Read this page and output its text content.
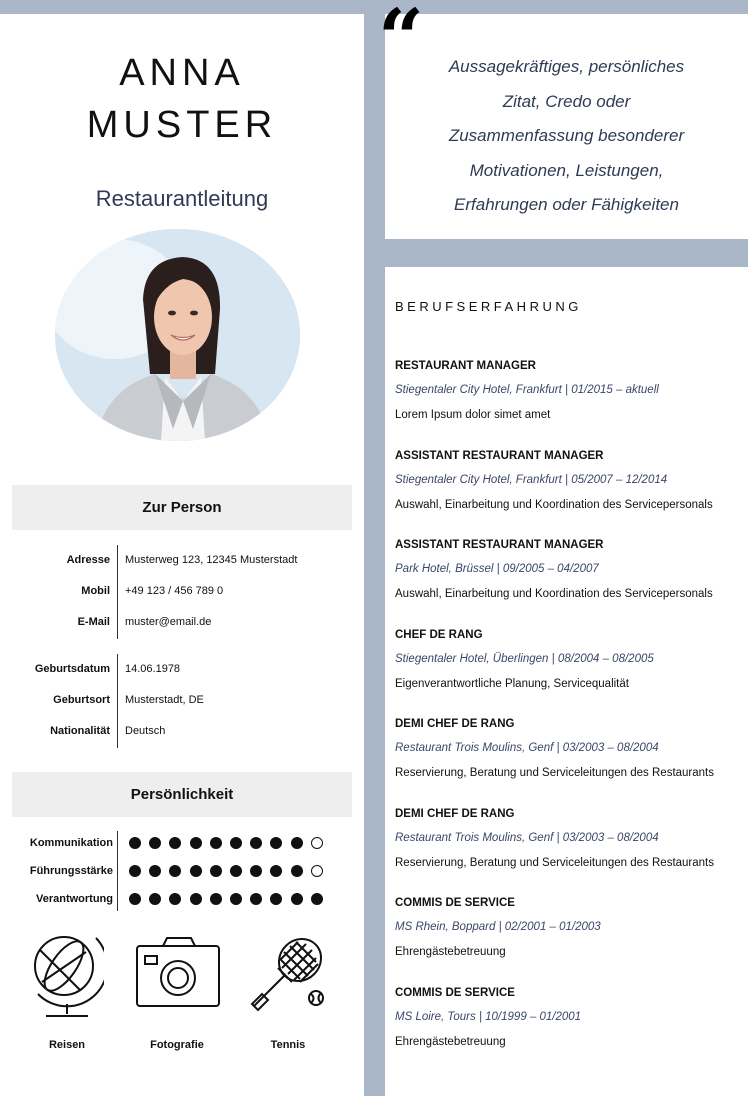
ANNA
MUSTER
Restaurantleitung
Zur Person
Adresse Musterweg 123, 12345 Musterstadt
Mobil +49 123 / 456 789 0
E-Mail muster@email.de
Geburtsdatum 14.06.1978
Geburtsort Musterstadt, DE
Nationalität Deutsch
Persönlichkeit
Kommunikation
Führungsstärke
Verantwortung
Reisen	Fotografie	Tennis
Aussagekräftiges, persönliches
Zitat, Credo oder
Zusammenfassung besonderer
Motivationen, Leistungen,
Erfahrungen oder Fähigkeiten
“
BERUFSERFAHRUNG
RESTAURANT MANAGER
Stiegentaler City Hotel, Frankfurt | 01/2015 – aktuell
Lorem Ipsum dolor simet amet
ASSISTANT RESTAURANT MANAGER
Stiegentaler City Hotel, Frankfurt | 05/2007 – 12/2014
Auswahl, Einarbeitung und Koordination des Servicepersonals
ASSISTANT RESTAURANT MANAGER
Park Hotel, Brüssel | 09/2005 – 04/2007
Auswahl, Einarbeitung und Koordination des Servicepersonals
CHEF DE RANG
Stiegentaler Hotel, Überlingen | 08/2004 – 08/2005
Eigenverantwortliche Planung, Servicequalität
DEMI CHEF DE RANG
Restaurant Trois Moulins, Genf | 03/2003 – 08/2004
Reservierung, Beratung und Serviceleitungen des Restaurants
DEMI CHEF DE RANG
Restaurant Trois Moulins, Genf | 03/2003 – 08/2004
Reservierung, Beratung und Serviceleitungen des Restaurants
COMMIS DE SERVICE
MS Rhein, Boppard | 02/2001 – 01/2003
Ehrengästebetreuung
COMMIS DE SERVICE
MS Loire, Tours | 10/1999 – 01/2001
Ehrengästebetreuung
